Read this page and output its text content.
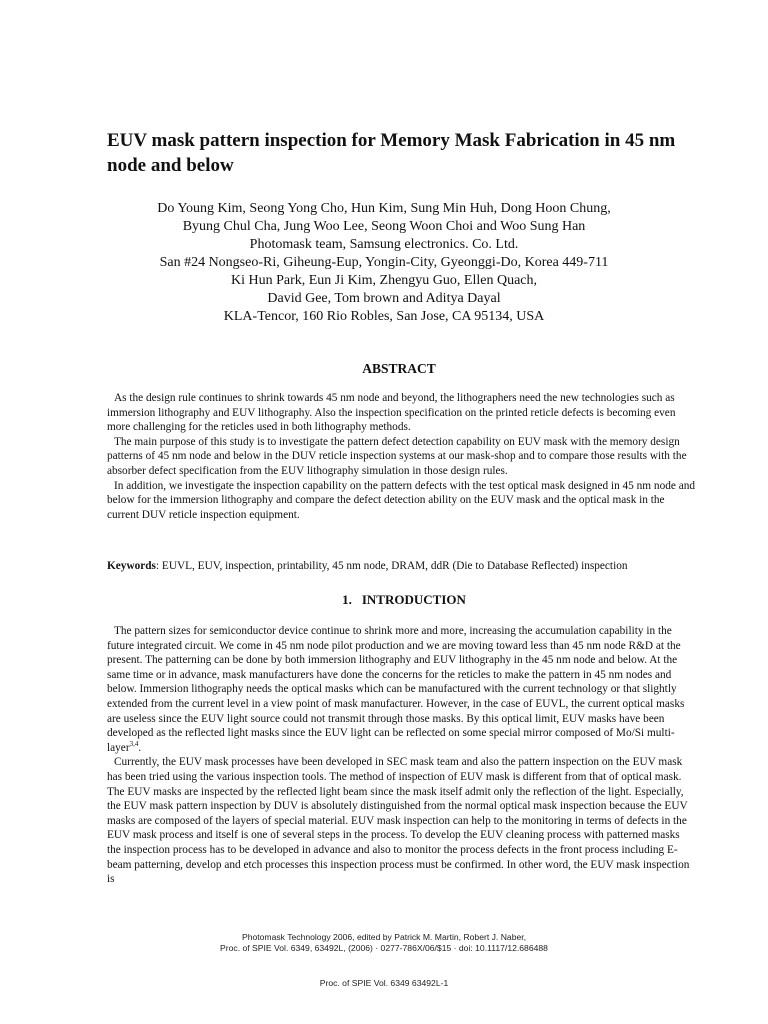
EUV mask pattern inspection for Memory Mask Fabrication in 45 nm node and below
Do Young Kim, Seong Yong Cho, Hun Kim, Sung Min Huh, Dong Hoon Chung,
Byung Chul Cha, Jung Woo Lee, Seong Woon Choi and Woo Sung Han
Photomask team, Samsung electronics. Co. Ltd.
San #24 Nongseo-Ri, Giheung-Eup, Yongin-City, Gyeonggi-Do, Korea 449-711
Ki Hun Park, Eun Ji Kim, Zhengyu Guo, Ellen Quach,
David Gee, Tom brown and Aditya Dayal
KLA-Tencor, 160 Rio Robles, San Jose, CA 95134, USA
ABSTRACT

As the design rule continues to shrink towards 45 nm node and beyond, the lithographers need the new technologies such as immersion lithography and EUV lithography. Also the inspection specification on the printed reticle defects is becoming even more challenging for the reticles used in both lithography methods.

The main purpose of this study is to investigate the pattern defect detection capability on EUV mask with the memory design patterns of 45 nm node and below in the DUV reticle inspection systems at our mask-shop and to compare those results with the absorber defect specification from the EUV lithography simulation in those design rules.

In addition, we investigate the inspection capability on the pattern defects with the test optical mask designed in 45 nm node and below for the immersion lithography and compare the defect detection ability on the EUV mask and the optical mask in the current DUV reticle inspection equipment.

Keywords: EUVL, EUV, inspection, printability, 45 nm node, DRAM, ddR (Die to Database Reflected) inspection
1. INTRODUCTION

The pattern sizes for semiconductor device continue to shrink more and more, increasing the accumulation capability in the future integrated circuit. We come in 45 nm node pilot production and we are moving toward less than 45 nm node R&D at the present. The patterning can be done by both immersion lithography and EUV lithography in the 45 nm node and below. At the same time or in advance, mask manufacturers have done the concerns for the reticles to make the pattern in 45 nm nodes and below. Immersion lithography needs the optical masks which can be manufactured with the current technology or that slightly extended from the current level in a view point of mask manufacturer. However, in the case of EUVL, the current optical masks are useless since the EUV light source could not transmit through those masks. By this optical limit, EUV masks have been developed as the reflected light masks since the EUV light can be reflected on some special mirror composed of Mo/Si multi-layer$^{3,4}$.

Currently, the EUV mask processes have been developed in SEC mask team and also the pattern inspection on the EUV mask has been tried using the various inspection tools. The method of inspection of EUV mask is different from that of optical mask. The EUV masks are inspected by the reflected light beam since the mask itself admit only the reflection of the light. Especially, the EUV mask pattern inspection by DUV is absolutely distinguished from the normal optical mask inspection because the EUV masks are composed of the layers of special material. EUV mask inspection can help to the monitoring in terms of defects in the EUV mask process and itself is one of several steps in the process. To develop the EUV cleaning process with patterned masks the inspection process has to be developed in advance and also to monitor the process defects in the front process including E-beam patterning, develop and etch processes this inspection process must be confirmed. In other word, the EUV mask inspection is

Photomask Technology 2006, edited by Patrick M. Martin, Robert J. Naber,
Proc. of SPIE Vol. 6349, 63492L, (2006) · 0277-786X/06/$15 · doi: 10.1117/12.686488
Proc. of SPIE Vol. 6349 63492L-1
